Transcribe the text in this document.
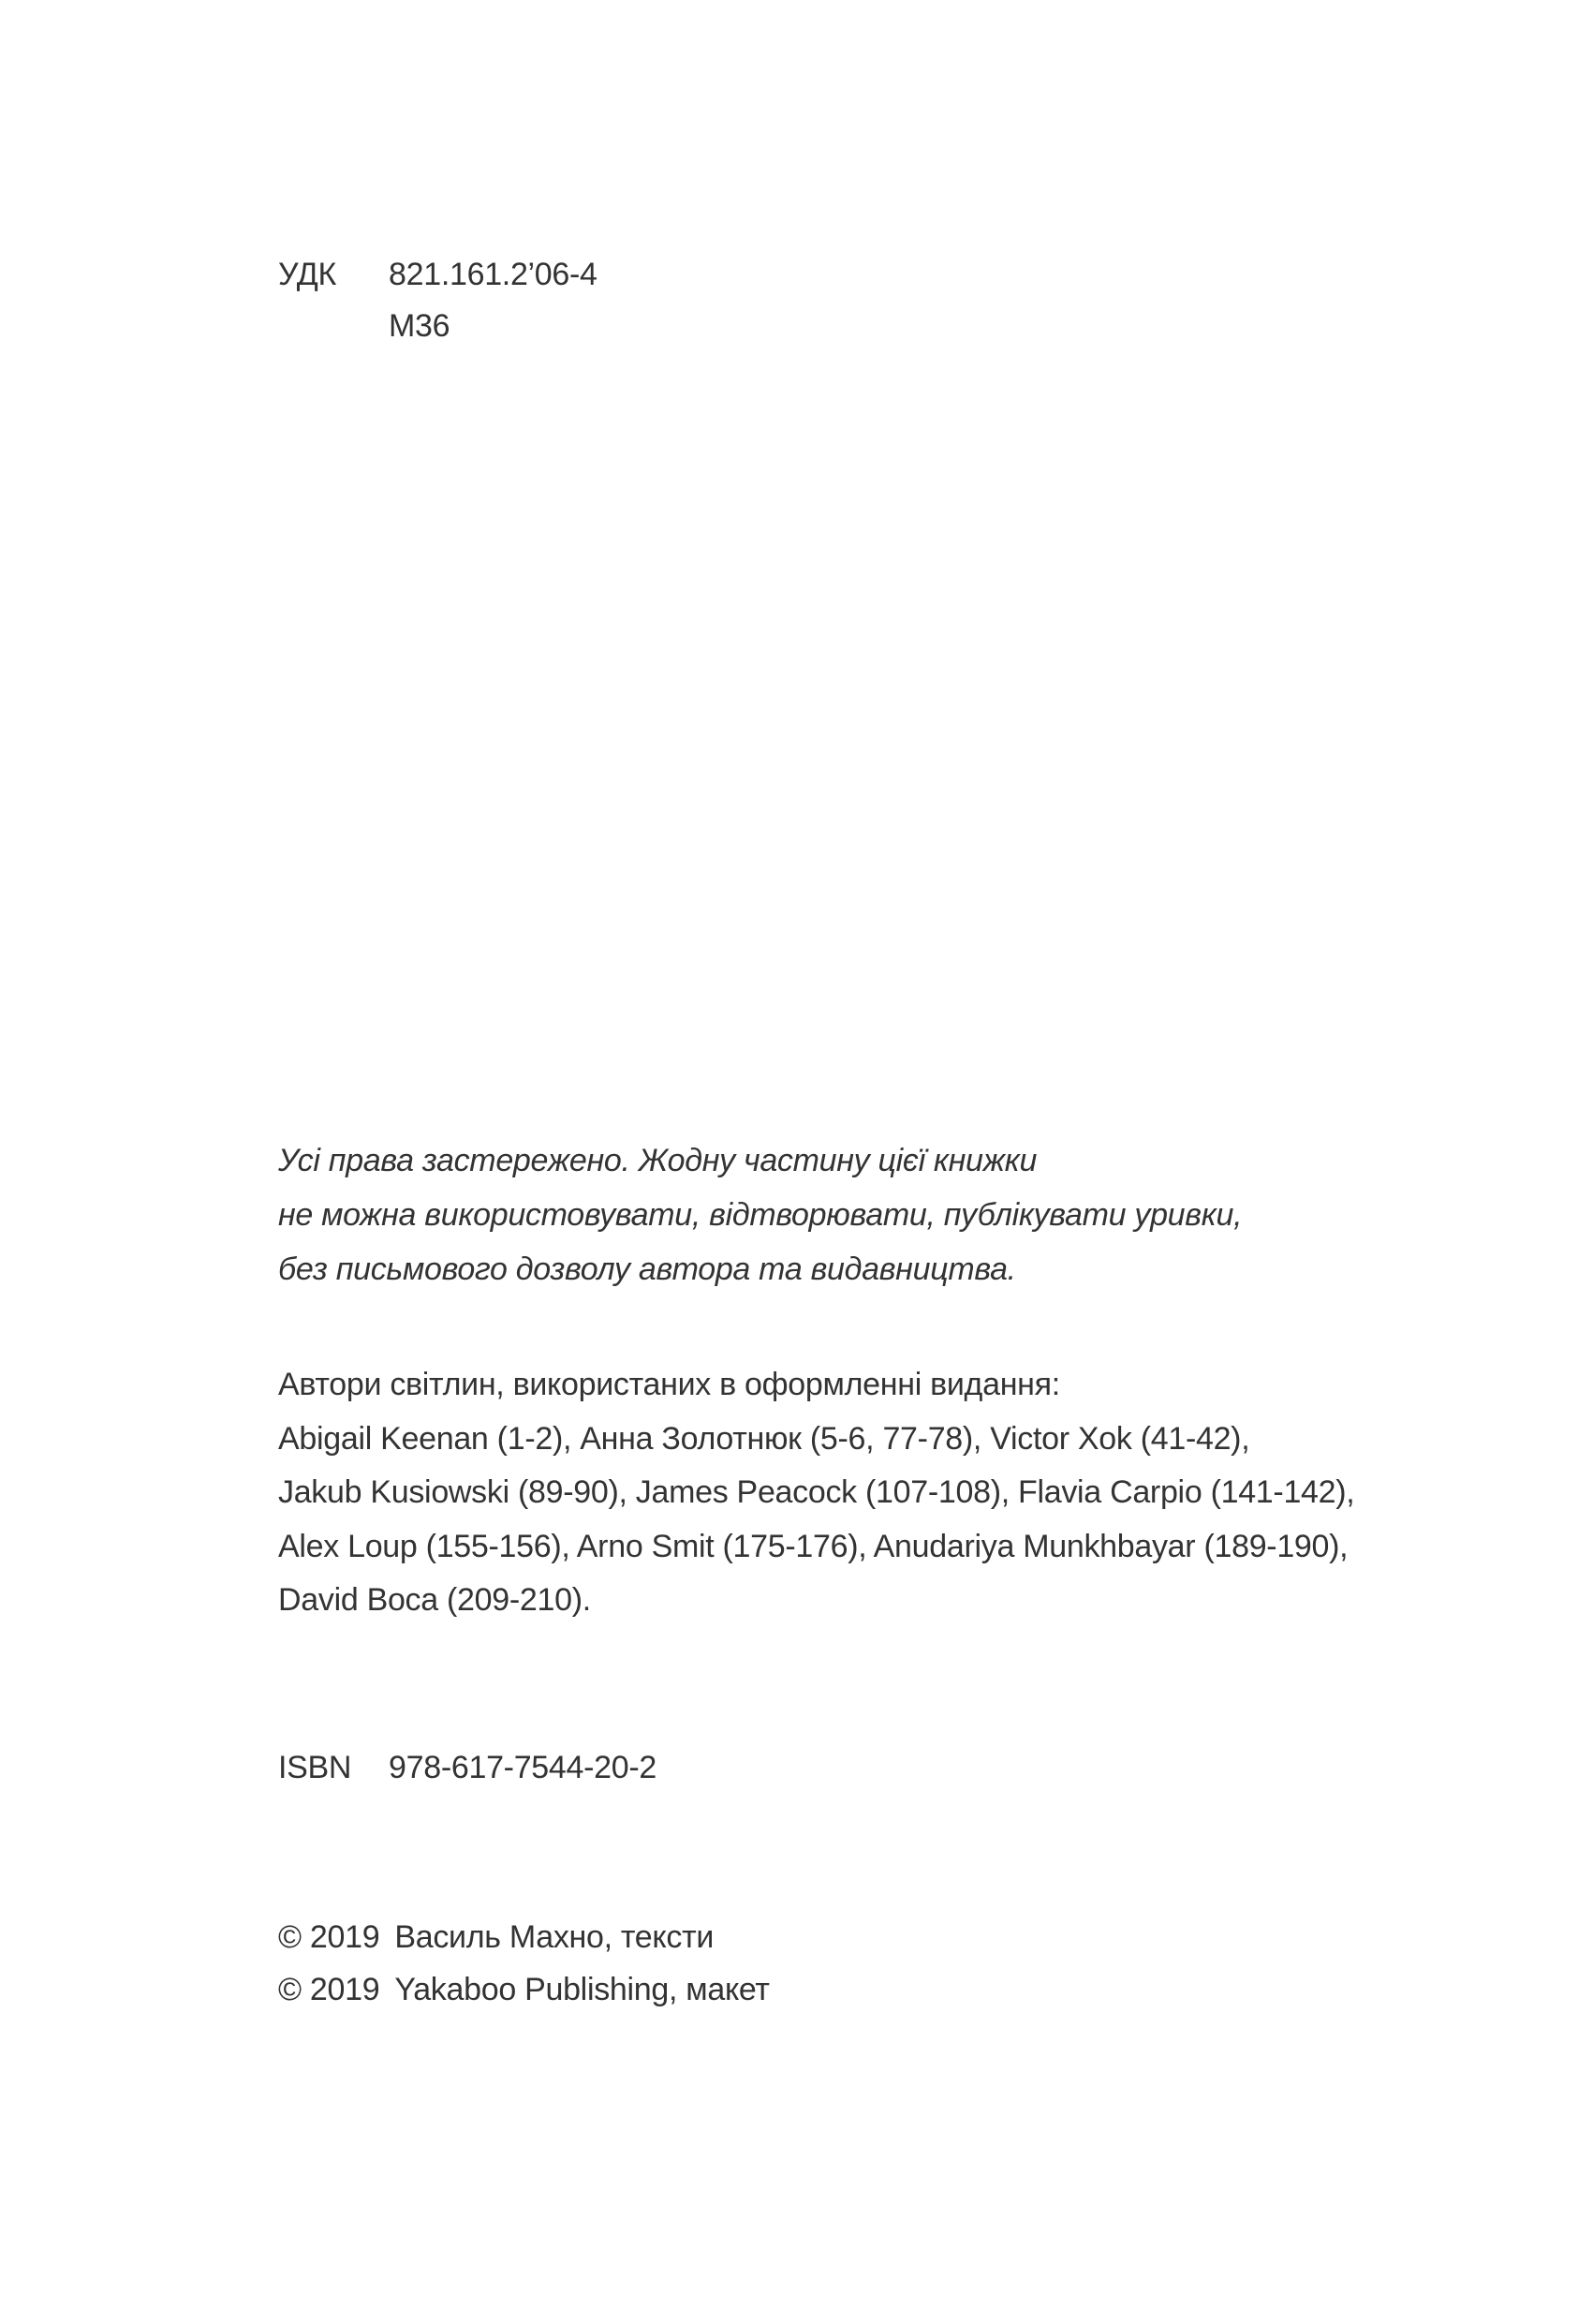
УДК 821.161.2’06-4
М36
Усі права застережено. Жодну частину цієї книжки
не можна використовувати, відтворювати, публікувати уривки,
без письмового дозволу автора та видавництва.
Автори світлин, використаних в оформленні видання:
Abigail Keenan (1-2), Анна Золотнюк (5-6, 77-78), Victor Xok (41-42),
Jakub Kusiowski (89-90), James Peacock (107-108), Flavia Carpio (141-142),
Alex Loup (155-156), Arno Smit (175-176), Anudariya Munkhbayar (189-190),
David Boca (209-210).
ISBN 978-617-7544-20-2
© 2019 Василь Махно, тексти
© 2019 Yakaboo Publishing, макет
